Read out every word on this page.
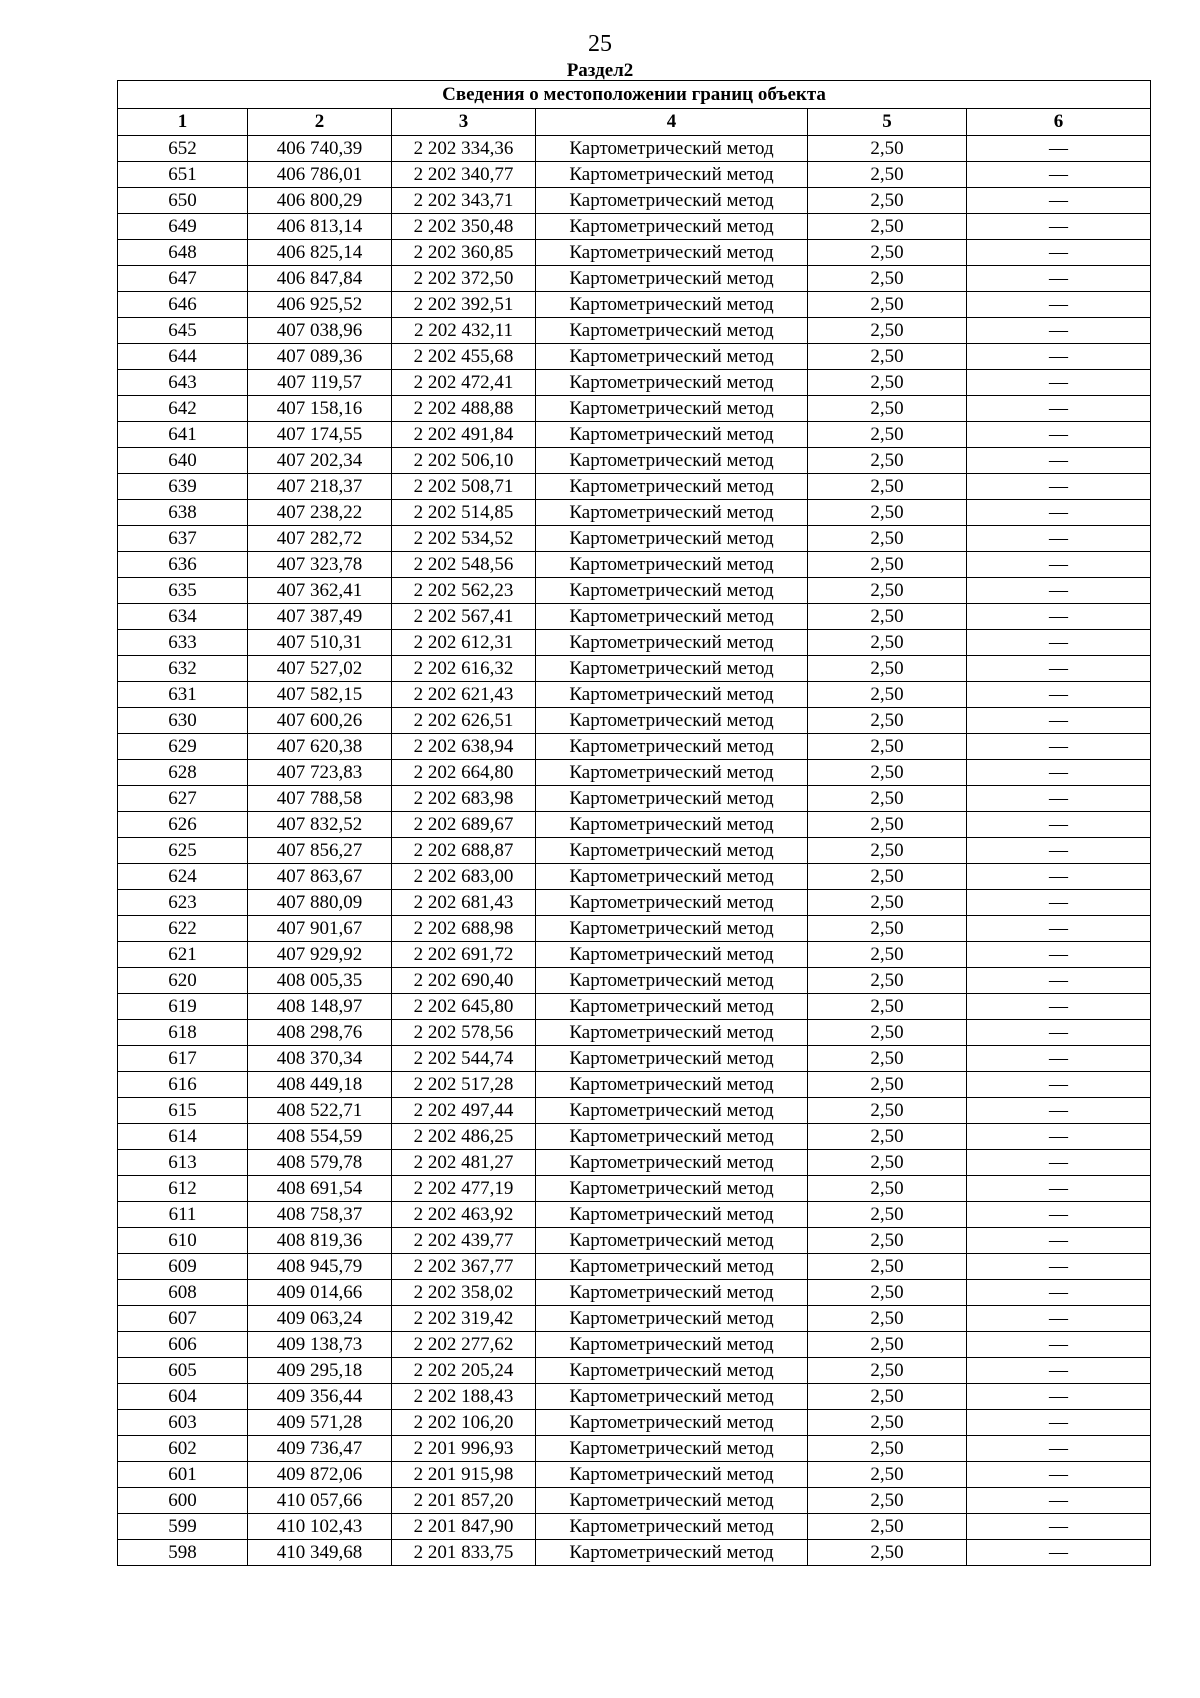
25
Раздел2
Сведения о местоположении границ объекта					
1	2	3	4	5	6
652	406 740,39	2 202 334,36	Картометрический метод	2,50	—
651	406 786,01	2 202 340,77	Картометрический метод	2,50	—
650	406 800,29	2 202 343,71	Картометрический метод	2,50	—
649	406 813,14	2 202 350,48	Картометрический метод	2,50	—
648	406 825,14	2 202 360,85	Картометрический метод	2,50	—
647	406 847,84	2 202 372,50	Картометрический метод	2,50	—
646	406 925,52	2 202 392,51	Картометрический метод	2,50	—
645	407 038,96	2 202 432,11	Картометрический метод	2,50	—
644	407 089,36	2 202 455,68	Картометрический метод	2,50	—
643	407 119,57	2 202 472,41	Картометрический метод	2,50	—
642	407 158,16	2 202 488,88	Картометрический метод	2,50	—
641	407 174,55	2 202 491,84	Картометрический метод	2,50	—
640	407 202,34	2 202 506,10	Картометрический метод	2,50	—
639	407 218,37	2 202 508,71	Картометрический метод	2,50	—
638	407 238,22	2 202 514,85	Картометрический метод	2,50	—
637	407 282,72	2 202 534,52	Картометрический метод	2,50	—
636	407 323,78	2 202 548,56	Картометрический метод	2,50	—
635	407 362,41	2 202 562,23	Картометрический метод	2,50	—
634	407 387,49	2 202 567,41	Картометрический метод	2,50	—
633	407 510,31	2 202 612,31	Картометрический метод	2,50	—
632	407 527,02	2 202 616,32	Картометрический метод	2,50	—
631	407 582,15	2 202 621,43	Картометрический метод	2,50	—
630	407 600,26	2 202 626,51	Картометрический метод	2,50	—
629	407 620,38	2 202 638,94	Картометрический метод	2,50	—
628	407 723,83	2 202 664,80	Картометрический метод	2,50	—
627	407 788,58	2 202 683,98	Картометрический метод	2,50	—
626	407 832,52	2 202 689,67	Картометрический метод	2,50	—
625	407 856,27	2 202 688,87	Картометрический метод	2,50	—
624	407 863,67	2 202 683,00	Картометрический метод	2,50	—
623	407 880,09	2 202 681,43	Картометрический метод	2,50	—
622	407 901,67	2 202 688,98	Картометрический метод	2,50	—
621	407 929,92	2 202 691,72	Картометрический метод	2,50	—
620	408 005,35	2 202 690,40	Картометрический метод	2,50	—
619	408 148,97	2 202 645,80	Картометрический метод	2,50	—
618	408 298,76	2 202 578,56	Картометрический метод	2,50	—
617	408 370,34	2 202 544,74	Картометрический метод	2,50	—
616	408 449,18	2 202 517,28	Картометрический метод	2,50	—
615	408 522,71	2 202 497,44	Картометрический метод	2,50	—
614	408 554,59	2 202 486,25	Картометрический метод	2,50	—
613	408 579,78	2 202 481,27	Картометрический метод	2,50	—
612	408 691,54	2 202 477,19	Картометрический метод	2,50	—
611	408 758,37	2 202 463,92	Картометрический метод	2,50	—
610	408 819,36	2 202 439,77	Картометрический метод	2,50	—
609	408 945,79	2 202 367,77	Картометрический метод	2,50	—
608	409 014,66	2 202 358,02	Картометрический метод	2,50	—
607	409 063,24	2 202 319,42	Картометрический метод	2,50	—
606	409 138,73	2 202 277,62	Картометрический метод	2,50	—
605	409 295,18	2 202 205,24	Картометрический метод	2,50	—
604	409 356,44	2 202 188,43	Картометрический метод	2,50	—
603	409 571,28	2 202 106,20	Картометрический метод	2,50	—
602	409 736,47	2 201 996,93	Картометрический метод	2,50	—
601	409 872,06	2 201 915,98	Картометрический метод	2,50	—
600	410 057,66	2 201 857,20	Картометрический метод	2,50	—
599	410 102,43	2 201 847,90	Картометрический метод	2,50	—
598	410 349,68	2 201 833,75	Картометрический метод	2,50	—
